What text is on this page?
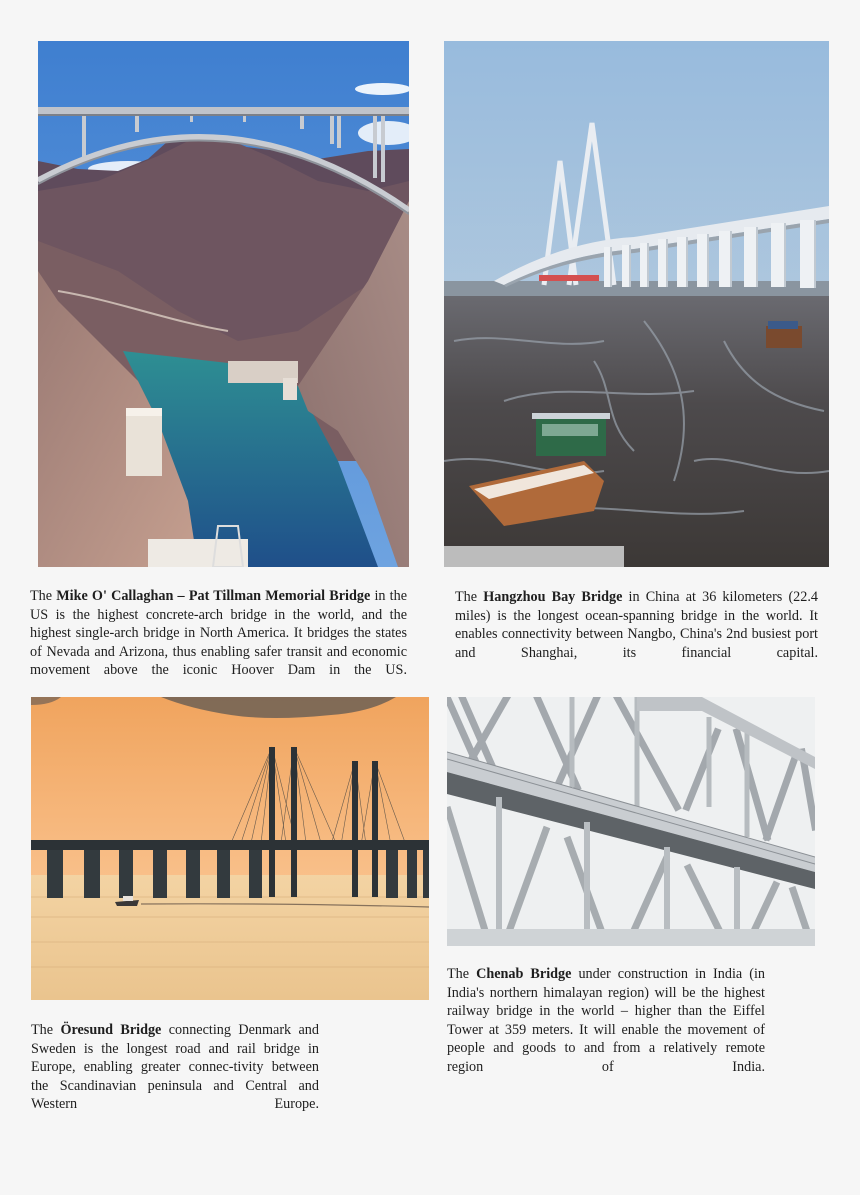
The Mike O' Callaghan – Pat Tillman Memorial Bridge in the US is the highest concrete-arch bridge in the world, and the highest single-arch bridge in North America. It bridges the states of Nevada and Arizona, thus enabling safer transit and economic movement above the iconic Hoover Dam in the US.

The Hangzhou Bay Bridge in China at 36 kilometers (22.4 miles) is the longest ocean-spanning bridge in the world. It enables connectivity between Nangbo, China's 2nd busiest port and Shanghai, its financial capital.

The Öresund Bridge connecting Denmark and Sweden is the longest road and rail bridge in Europe, enabling greater connec-tivity between the Scandinavian peninsula and Central and Western Europe.

The Chenab Bridge under construction in India (in India's northern himalayan region) will be the highest railway bridge in the world – higher than the Eiffel Tower at 359 meters. It will enable the movement of people and goods to and from a relatively remote region of India.
